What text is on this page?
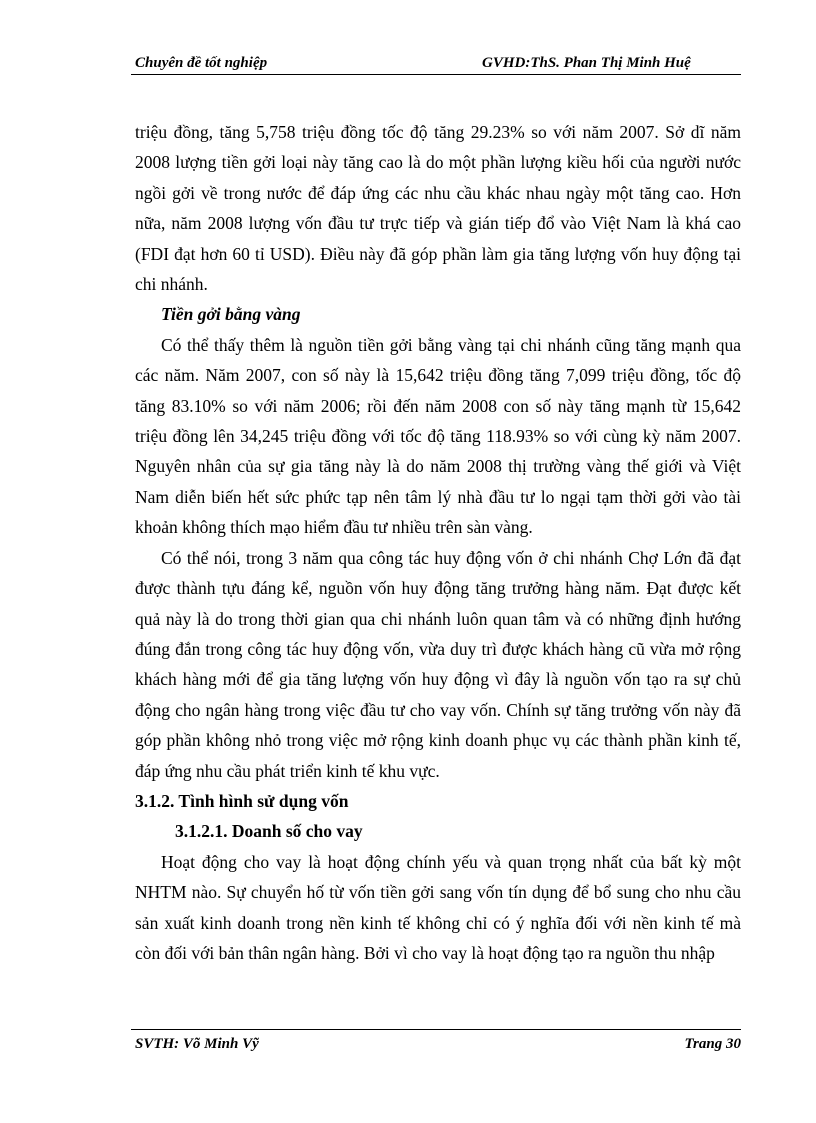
Chuyên đề tốt nghiệp	GVHD:ThS. Phan Thị Minh Huệ

triệu đồng, tăng 5,758 triệu đồng tốc độ tăng 29.23% so với năm 2007. Sở dĩ năm 2008 lượng tiền gởi loại này tăng cao là do một phần lượng kiều hối của người nước ngồi gởi về trong nước để đáp ứng các nhu cầu khác nhau ngày một tăng cao. Hơn nữa, năm 2008 lượng vốn đầu tư trực tiếp và gián tiếp đổ vào Việt Nam là khá cao (FDI đạt hơn 60 tỉ USD). Điều này đã góp phần làm gia tăng lượng vốn huy động tại chi nhánh.

Tiền gởi bằng vàng

Có thể thấy thêm là nguồn tiền gởi bằng vàng tại chi nhánh cũng tăng mạnh qua các năm. Năm 2007, con số này là 15,642 triệu đồng tăng 7,099 triệu đồng, tốc độ tăng 83.10% so với năm 2006; rồi đến năm 2008 con số này tăng mạnh từ 15,642 triệu đồng lên 34,245 triệu đồng với tốc độ tăng 118.93% so với cùng kỳ năm 2007. Nguyên nhân của sự gia tăng này là do năm 2008 thị trường vàng thế giới và Việt Nam diễn biến hết sức phức tạp nên tâm lý nhà đầu tư lo ngại tạm thời gởi vào tài khoản không thích mạo hiểm đầu tư nhiều trên sàn vàng.

Có thể nói, trong 3 năm qua công tác huy động vốn ở chi nhánh Chợ Lớn đã đạt được thành tựu đáng kể, nguồn vốn huy động tăng trưởng hàng năm. Đạt được kết quả này là do trong thời gian qua chi nhánh luôn quan tâm và có những định hướng đúng đắn trong công tác huy động vốn, vừa duy trì được khách hàng cũ vừa mở rộng khách hàng mới để gia tăng lượng vốn huy động vì đây là nguồn vốn tạo ra sự chủ động cho ngân hàng trong việc đầu tư cho vay vốn. Chính sự tăng trưởng vốn này đã góp phần không nhỏ trong việc mở rộng kinh doanh phục vụ các thành phần kinh tế, đáp ứng nhu cầu phát triển kinh tế khu vực.

3.1.2. Tình hình sử dụng vốn

3.1.2.1. Doanh số cho vay

Hoạt động cho vay là hoạt động chính yếu và quan trọng nhất của bất kỳ một NHTM nào. Sự chuyển hố từ vốn tiền gởi sang vốn tín dụng để bổ sung cho nhu cầu sản xuất kinh doanh trong nền kinh tế không chỉ có ý nghĩa đối với nền kinh tế mà còn đối với bản thân ngân hàng. Bởi vì cho vay là hoạt động tạo ra nguồn thu nhập

SVTH: Võ Minh Vỹ	Trang 30
